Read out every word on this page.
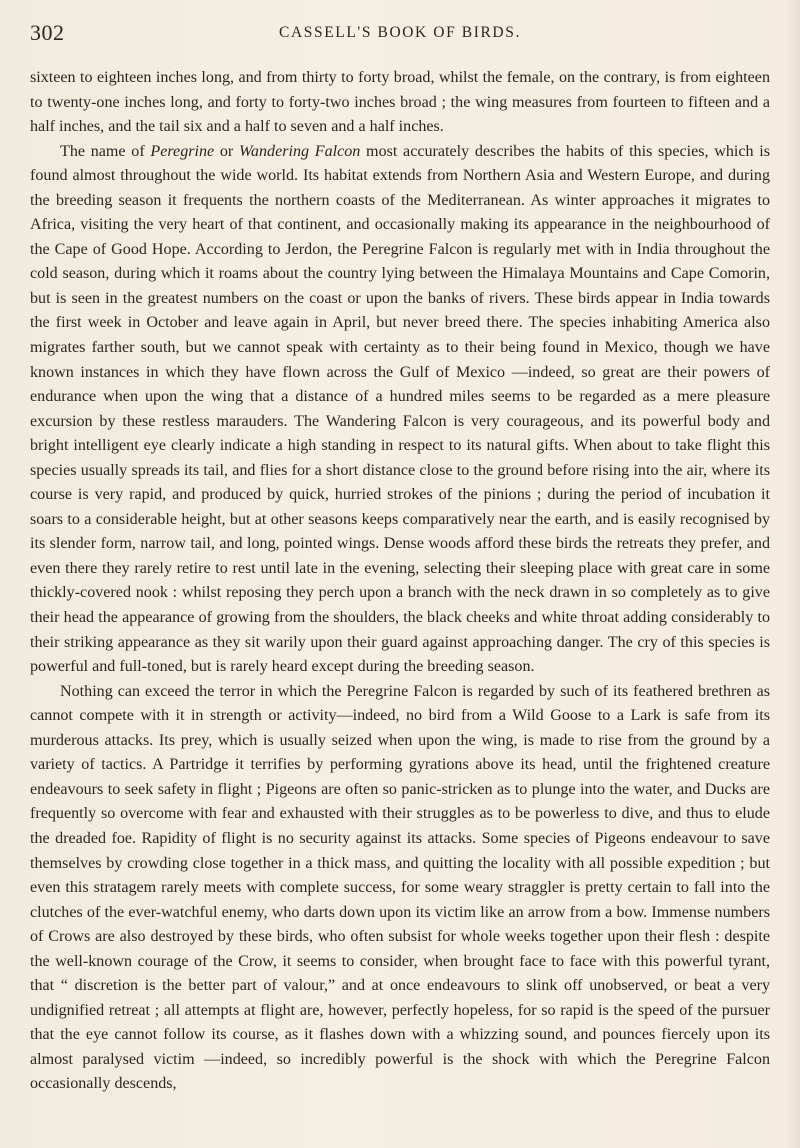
302	CASSELL'S BOOK OF BIRDS.

sixteen to eighteen inches long, and from thirty to forty broad, whilst the female, on the contrary, is from eighteen to twenty-one inches long, and forty to forty-two inches broad ; the wing measures from fourteen to fifteen and a half inches, and the tail six and a half to seven and a half inches.

The name of Peregrine or Wandering Falcon most accurately describes the habits of this species, which is found almost throughout the wide world. Its habitat extends from Northern Asia and Western Europe, and during the breeding season it frequents the northern coasts of the Mediterranean. As winter approaches it migrates to Africa, visiting the very heart of that continent, and occasionally making its appearance in the neighbourhood of the Cape of Good Hope. According to Jerdon, the Peregrine Falcon is regularly met with in India throughout the cold season, during which it roams about the country lying between the Himalaya Mountains and Cape Comorin, but is seen in the greatest numbers on the coast or upon the banks of rivers. These birds appear in India towards the first week in October and leave again in April, but never breed there. The species inhabiting America also migrates farther south, but we cannot speak with certainty as to their being found in Mexico, though we have known instances in which they have flown across the Gulf of Mexico —indeed, so great are their powers of endurance when upon the wing that a distance of a hundred miles seems to be regarded as a mere pleasure excursion by these restless marauders. The Wandering Falcon is very courageous, and its powerful body and bright intelligent eye clearly indicate a high standing in respect to its natural gifts. When about to take flight this species usually spreads its tail, and flies for a short distance close to the ground before rising into the air, where its course is very rapid, and produced by quick, hurried strokes of the pinions ; during the period of incubation it soars to a considerable height, but at other seasons keeps comparatively near the earth, and is easily recognised by its slender form, narrow tail, and long, pointed wings. Dense woods afford these birds the retreats they prefer, and even there they rarely retire to rest until late in the evening, selecting their sleeping place with great care in some thickly-covered nook : whilst reposing they perch upon a branch with the neck drawn in so completely as to give their head the appearance of growing from the shoulders, the black cheeks and white throat adding considerably to their striking appearance as they sit warily upon their guard against approaching danger. The cry of this species is powerful and full-toned, but is rarely heard except during the breeding season.

Nothing can exceed the terror in which the Peregrine Falcon is regarded by such of its feathered brethren as cannot compete with it in strength or activity—indeed, no bird from a Wild Goose to a Lark is safe from its murderous attacks. Its prey, which is usually seized when upon the wing, is made to rise from the ground by a variety of tactics. A Partridge it terrifies by performing gyrations above its head, until the frightened creature endeavours to seek safety in flight ; Pigeons are often so panic-stricken as to plunge into the water, and Ducks are frequently so overcome with fear and exhausted with their struggles as to be powerless to dive, and thus to elude the dreaded foe. Rapidity of flight is no security against its attacks. Some species of Pigeons endeavour to save themselves by crowding close together in a thick mass, and quitting the locality with all possible expedition ; but even this stratagem rarely meets with complete success, for some weary straggler is pretty certain to fall into the clutches of the ever-watchful enemy, who darts down upon its victim like an arrow from a bow. Immense numbers of Crows are also destroyed by these birds, who often subsist for whole weeks together upon their flesh : despite the well-known courage of the Crow, it seems to consider, when brought face to face with this powerful tyrant, that “ discretion is the better part of valour,” and at once endeavours to slink off unobserved, or beat a very undignified retreat ; all attempts at flight are, however, perfectly hopeless, for so rapid is the speed of the pursuer that the eye cannot follow its course, as it flashes down with a whizzing sound, and pounces fiercely upon its almost paralysed victim —indeed, so incredibly powerful is the shock with which the Peregrine Falcon occasionally descends,
